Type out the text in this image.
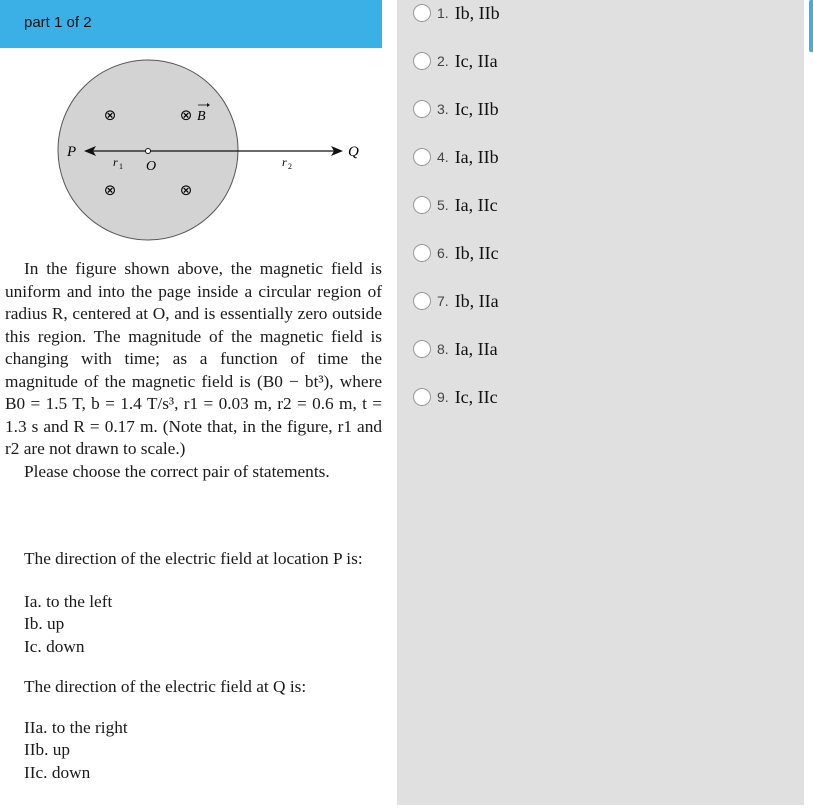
part 1 of 2
⊗	⊗
⊗	⊗
B
P	Q
O
r 1	r 2

In the figure shown above, the magnetic field is uniform and into the page inside a circular region of radius R, centered at O, and is essentially zero outside this region. The magnitude of the magnetic field is changing with time; as a function of time the magnitude of the magnetic field is (B0 − bt³), where B0 = 1.5 T, b = 1.4 T/s³, r1 = 0.03 m, r2 = 0.6 m, t = 1.3 s and R = 0.17 m. (Note that, in the figure, r1 and r2 are not drawn to scale.)

Please choose the correct pair of statements.

The direction of the electric field at location P is:

Ia. to the left
Ib. up
Ic. down

The direction of the electric field at Q is:

IIa. to the right
IIb. up
IIc. down
1. Ib, IIb
2. Ic, IIa
3. Ic, IIb
4. Ia, IIb
5. Ia, IIc
6. Ib, IIc
7. Ib, IIa
8. Ia, IIa
9. Ic, IIc
